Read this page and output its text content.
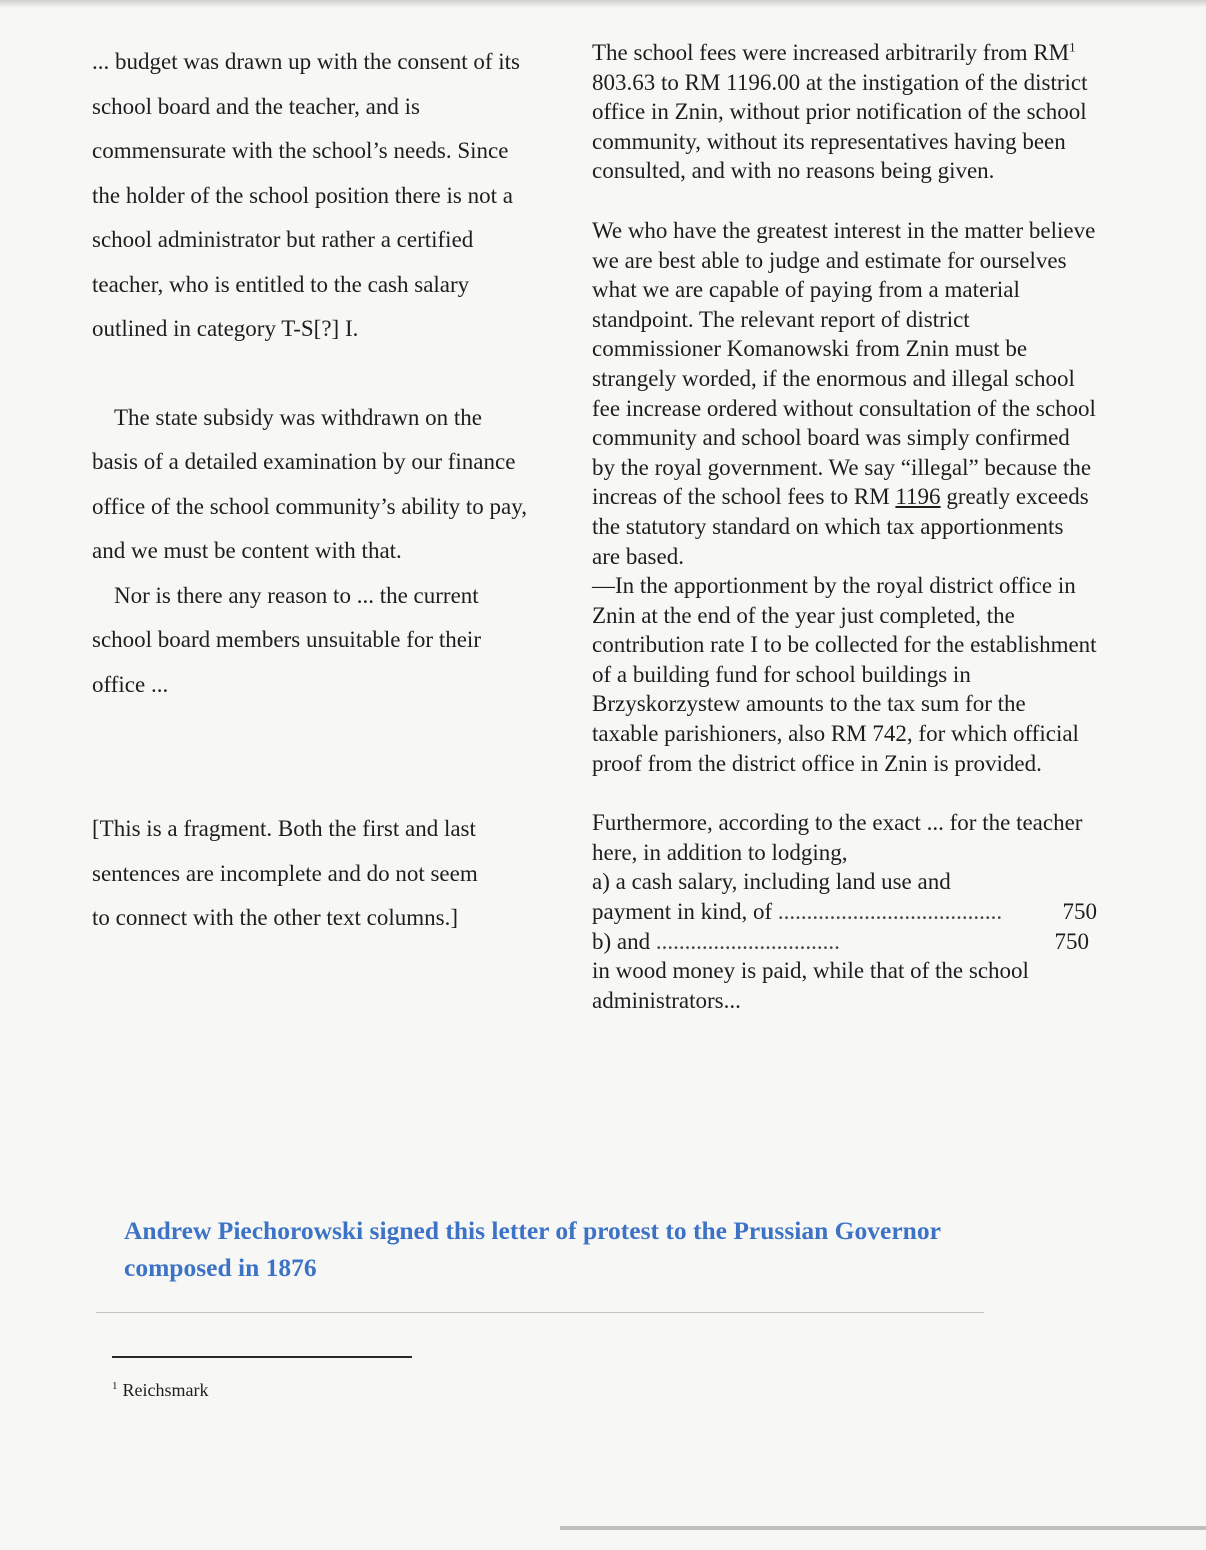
... budget was drawn up with the consent of its school board and the teacher, and is commensurate with the school’s needs. Since the holder of the school position there is not a school administrator but rather a certified teacher, who is entitled to the cash salary outlined in category T-S[?] I.

The state subsidy was withdrawn on the basis of a detailed examination by our finance office of the school community’s ability to pay, and we must be content with that.

Nor is there any reason to ... the current school board members unsuitable for their office ...

[This is a fragment. Both the first and last sentences are incomplete and do not seem

to connect with the other text columns.]

The school fees were increased arbitrarily from $RM^1$ 803.63 to RM 1196.00 at the instigation of the district office in Znin, without prior notification of the school community, without its representatives having been consulted, and with no reasons being given.

We who have the greatest interest in the matter believe we are best able to judge and estimate for ourselves what we are capable of paying from a material standpoint. The relevant report of district commissioner Komanowski from Znin must be strangely worded, if the enormous and illegal school fee increase ordered without consultation of the school community and school board was simply confirmed by the royal government. We say “illegal” because the increas of the school fees to RM 1196 greatly exceeds the statutory standard on which tax apportionments are based.

—In the apportionment by the royal district office in Znin at the end of the year just completed, the contribution rate I to be collected for the establishment of a building fund for school buildings in Brzyskorzystew amounts to the tax sum for the taxable parishioners, also RM 742, for which official proof from the district office in Znin is provided.

Furthermore, according to the exact ... for the teacher here, in addition to lodging,

a) a cash salary, including land use and

payment in kind, of .......................................	750
b) and ................................	750

in wood money is paid, while that of the school administrators...

Andrew Piechorowski signed this letter of protest to the Prussian Governor composed in 1876
$^1$ Reichsmark
